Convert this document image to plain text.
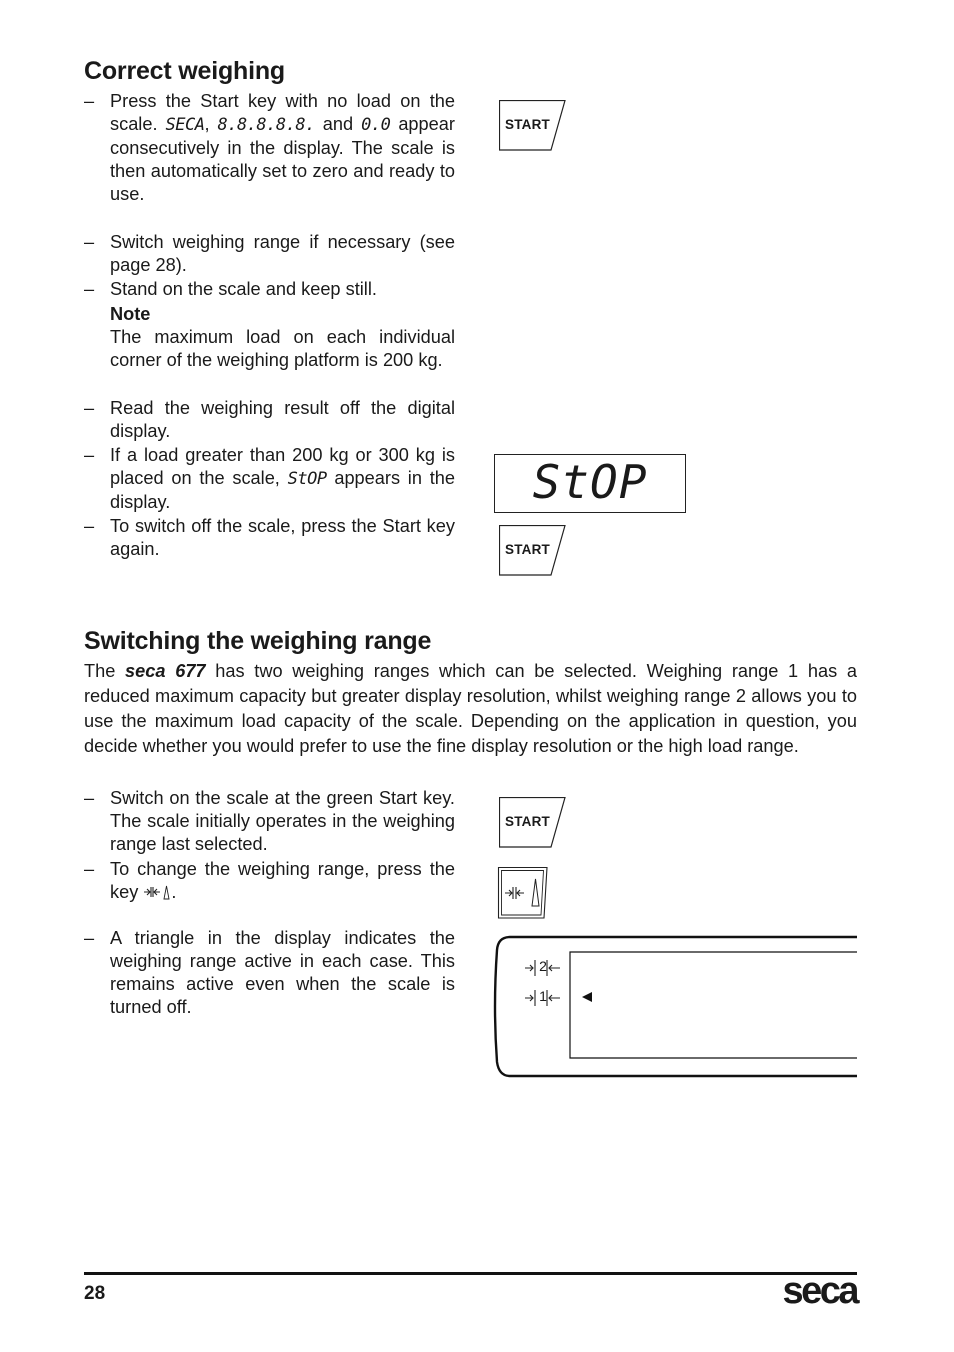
Correct weighing
– Press the Start key with no load on the scale. SECA, 8.8.8.8.8. and 0.0 appear consecutively in the display. The scale is then automatically set to zero and ready to use.
– Switch weighing range if necessary (see page 28).
– Stand on the scale and keep still.
Note
The maximum load on each individual corner of the weighing platform is 200 kg.
– Read the weighing result off the digital display.
– If a load greater than 200 kg or 300 kg is placed on the scale, StOP appears in the display.
– To switch off the scale, press the Start key again.
START
StOP
START
Switching the weighing range
The seca 677 has two weighing ranges which can be selected. Weighing range 1 has a reduced maximum capacity but greater display resolution, whilst weighing range 2 allows you to use the maximum load capacity of the scale. Depending on the application in question, you decide whether you would prefer to use the fine display resolution or the high load range.
– Switch on the scale at the green Start key. The scale initially operates in the weighing range last selected.
– To change the weighing range, press the key .
– A triangle in the display indicates the weighing range active in each case. This remains active even when the scale is turned off.
START
2
1
28	seca
